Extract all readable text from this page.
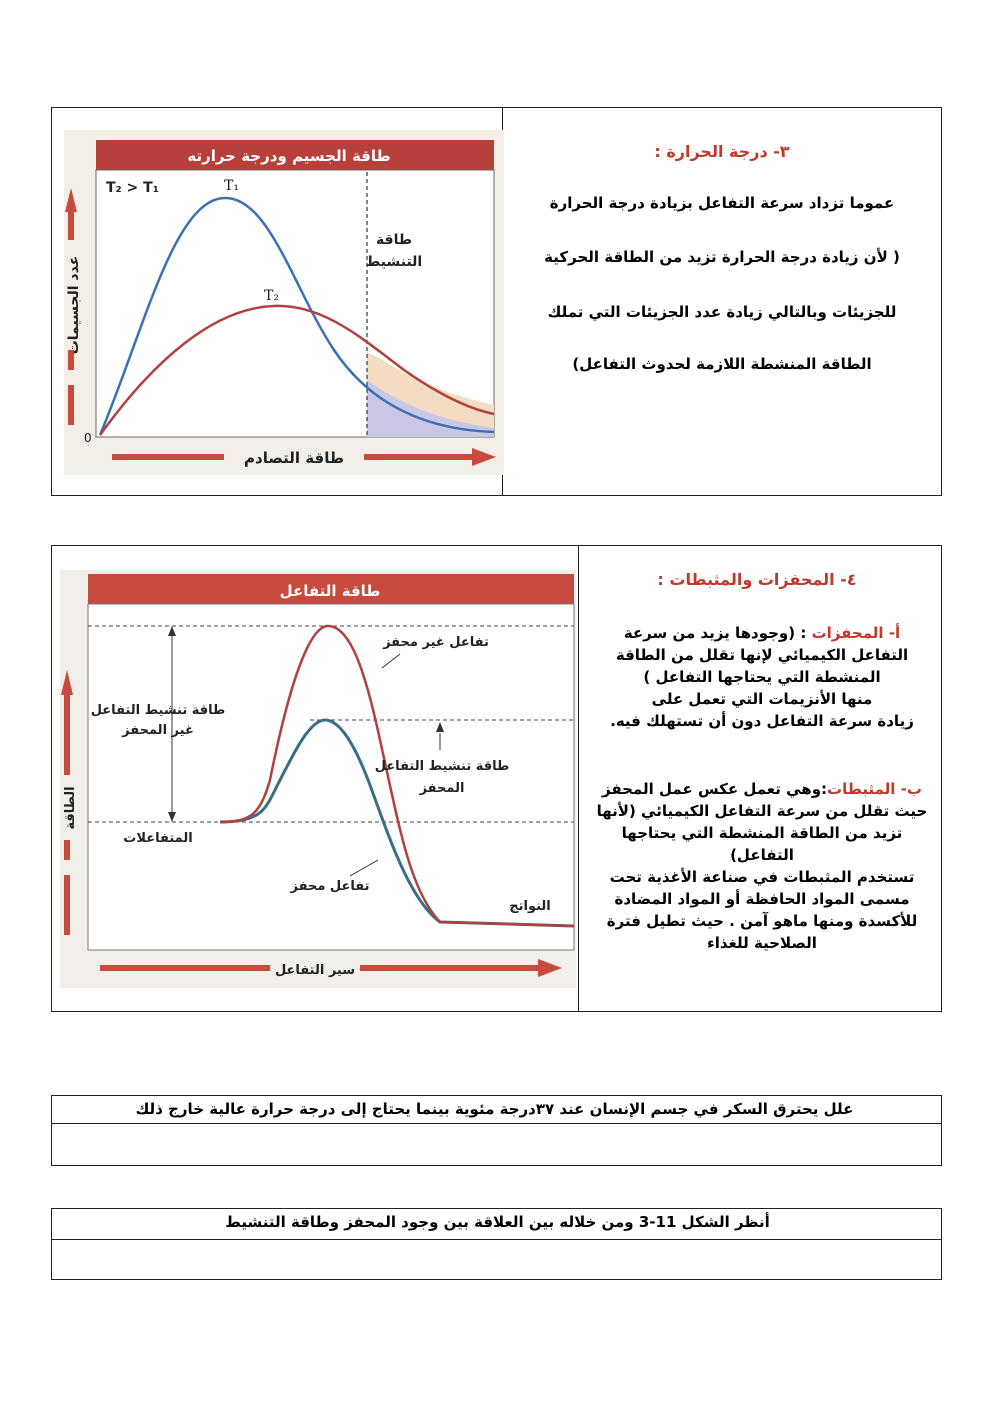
٣- درجة الحرارة :
عموما تزداد سرعة التفاعل بزيادة درجة الحرارة
( لأن زيادة درجة الحرارة تزيد من الطاقة الحركية
للجزيئات وبالتالي زيادة عدد الجزيئات التي تملك
الطاقة المنشطة اللازمة لحدوث التفاعل)
طاقة الجسيم ودرجة حرارته
T₂ > T₁	T₁
T₂
طاقة
التنشيط
0
عدد الجسيمات
طاقة التصادم
٤- المحفزات والمثبطات :
أ- المحفزات : (وجودها يزيد من سرعة
التفاعل الكيميائي لإنها تقلل من الطاقة
المنشطة التي يحتاجها التفاعل )
منها الأنزيمات التي تعمل على
زيادة سرعة التفاعل دون أن تستهلك فيه.
ب- المثبطات:وهي تعمل عكس عمل المحفز
حيث تقلل من سرعة التفاعل الكيميائي (لأنها
تزيد من الطاقة المنشطة التي يحتاجها
التفاعل)
تستخدم المثبطات في صناعة الأغذية تحت
مسمى المواد الحافظة أو المواد المضادة
للأكسدة ومنها ماهو آمن . حيث تطيل فترة
الصلاحية للغذاء
طاقة التفاعل
تفاعل غير محفز
طاقة تنشيط التفاعل
غير المحفز
طاقة تنشيط التفاعل
المحفز
المتفاعلات
تفاعل محفز
النواتج
الطاقة
سير التفاعل
علل يحترق السكر في جسم الإنسان عند ٣٧درجة مئوية بينما يحتاج إلى درجة حرارة عالية خارج ذلك
أنظر الشكل 11-3 ومن خلاله بين العلاقة بين وجود المحفز وطاقة التنشيط
